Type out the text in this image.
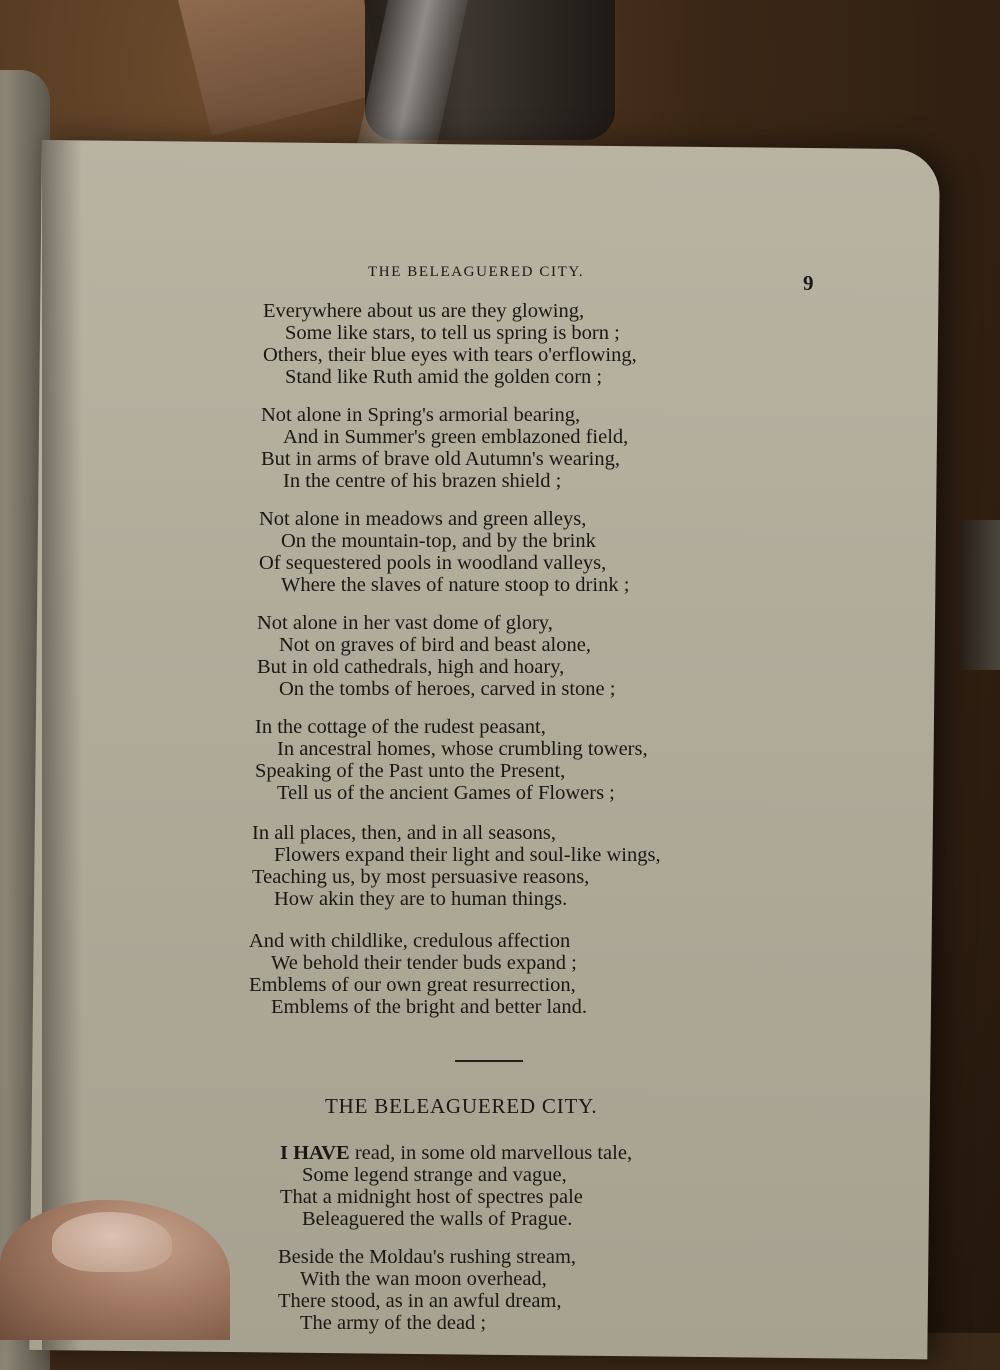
THE BELEAGUERED CITY.	9
Everywhere about us are they glowing,
Some like stars, to tell us spring is born ;
Others, their blue eyes with tears o'erflowing,
Stand like Ruth amid the golden corn ;
Not alone in Spring's armorial bearing,
And in Summer's green emblazoned field,
But in arms of brave old Autumn's wearing,
In the centre of his brazen shield ;
Not alone in meadows and green alleys,
On the mountain-top, and by the brink
Of sequestered pools in woodland valleys,
Where the slaves of nature stoop to drink ;
Not alone in her vast dome of glory,
Not on graves of bird and beast alone,
But in old cathedrals, high and hoary,
On the tombs of heroes, carved in stone ;
In the cottage of the rudest peasant,
In ancestral homes, whose crumbling towers,
Speaking of the Past unto the Present,
Tell us of the ancient Games of Flowers ;
In all places, then, and in all seasons,
Flowers expand their light and soul-like wings,
Teaching us, by most persuasive reasons,
How akin they are to human things.
And with childlike, credulous affection
We behold their tender buds expand ;
Emblems of our own great resurrection,
Emblems of the bright and better land.
THE BELEAGUERED CITY.
I HAVE read, in some old marvellous tale,
Some legend strange and vague,
That a midnight host of spectres pale
Beleaguered the walls of Prague.
Beside the Moldau's rushing stream,
With the wan moon overhead,
There stood, as in an awful dream,
The army of the dead ;
